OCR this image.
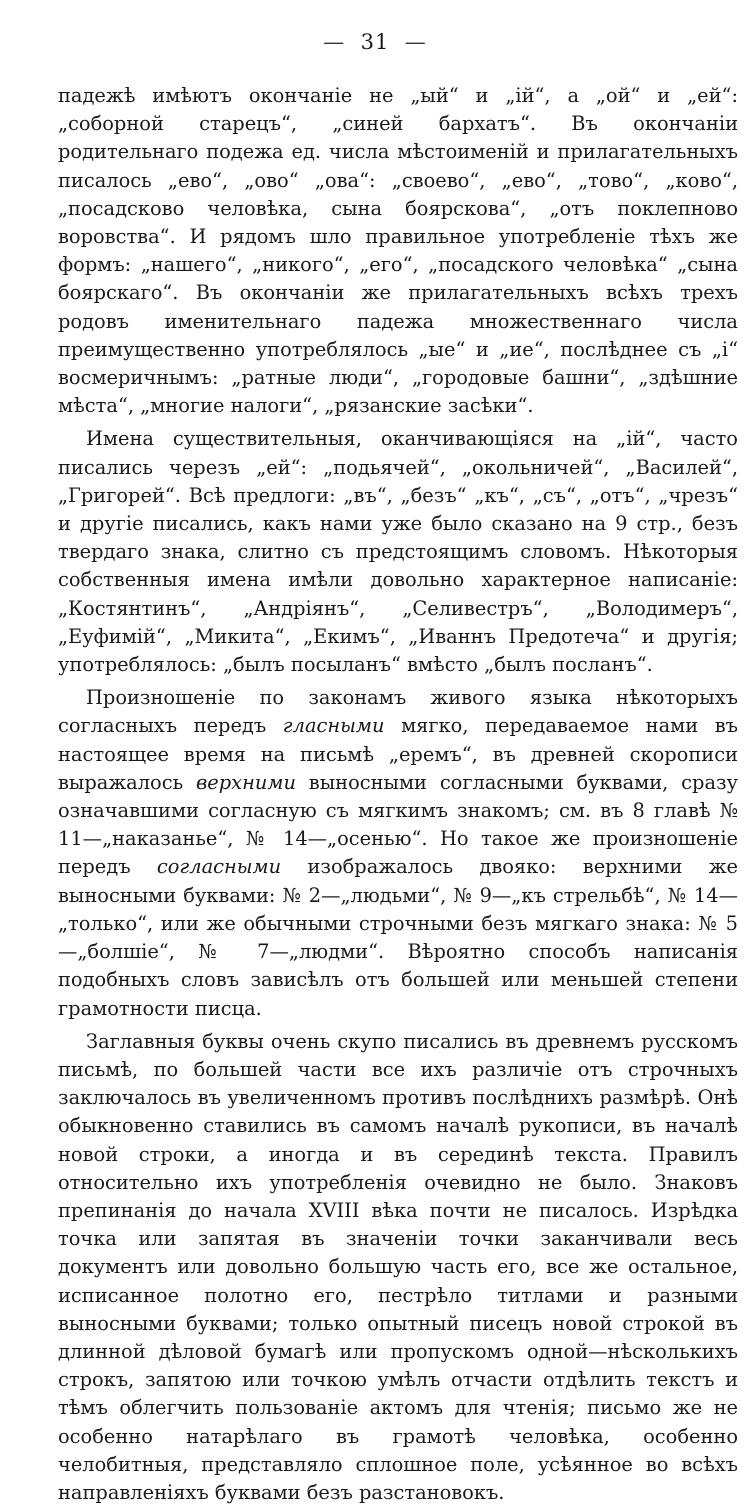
— 31 —

падежѣ имѣютъ окончаніе не „ый“ и „ій“, а „ой“ и „ей“: „соборной старецъ“, „синей бархатъ“. Въ окончаніи родительнаго подежа ед. числа мѣстоименій и прилагательныхъ писалось „ево“, „ово“ „ова“: „своево“, „ево“, „тово“, „ково“, „посадсково человѣка, сына боярскова“, „отъ поклепново воровства“. И рядомъ шло правильное употребленіе тѣхъ же формъ: „нашего“, „никого“, „его“, „посадского человѣка“ „сына боярскаго“. Въ окончаніи же прилагательныхъ всѣхъ трехъ родовъ именительнаго падежа множественнаго числа преимущественно употреблялось „ые“ и „ие“, послѣднее съ „і“ восмеричнымъ: „ратные люди“, „городовые башни“, „здѣшние мѣста“, „многие налоги“, „рязанские засѣки“.

Имена существительныя, оканчивающіяся на „ій“, часто писались черезъ „ей“: „подьячей“, „окольничей“, „Василей“, „Григорей“. Всѣ предлоги: „въ“, „безъ“ „къ“, „съ“, „отъ“, „чрезъ“ и другіе писались, какъ нами уже было сказано на 9 стр., безъ твердаго знака, слитно съ предстоящимъ словомъ. Нѣкоторыя собственныя имена имѣли довольно характерное написаніе: „Костянтинъ“, „Андріянъ“, „Селивестръ“, „Володимеръ“, „Еуфимій“, „Микита“, „Екимъ“, „Иваннъ Предотеча“ и другія; употреблялось: „былъ посыланъ“ вмѣсто „былъ посланъ“.

Произношеніе по законамъ живого языка нѣкоторыхъ согласныхъ передъ гласными мягко, передаваемое нами въ настоящее время на письмѣ „еремъ“, въ древней скорописи выражалось верхними выносными согласными буквами, сразу означавшими согласную съ мягкимъ знакомъ; см. въ 8 главѣ № 11—„наказанье“, № 14—„осенью“. Но такое же произношеніе передъ согласными изображалось двояко: верхними же выносными буквами: № 2—„людьми“, № 9—„къ стрельбѣ“, № 14—„только“, или же обычными строчными безъ мягкаго знака: № 5—„болшіе“, № 7—„людми“. Вѣроятно способъ написанія подобныхъ словъ зависѣлъ отъ большей или меньшей степени грамотности писца.

Заглавныя буквы очень скупо писались въ древнемъ русскомъ письмѣ, по большей части все ихъ различіе отъ строчныхъ заключалось въ увеличенномъ противъ послѣднихъ размѣрѣ. Онѣ обыкновенно ставились въ самомъ началѣ рукописи, въ началѣ новой строки, а иногда и въ серединѣ текста. Правилъ относительно ихъ употребленія очевидно не было. Знаковъ препинанія до начала XVIII вѣка почти не писалось. Изрѣдка точка или запятая въ значеніи точки заканчивали весь документъ или довольно большую часть его, все же остальное, исписанное полотно его, пестрѣло титлами и разными выносными буквами; только опытный писецъ новой строкой въ длинной дѣловой бумагѣ или пропускомъ одной—нѣсколькихъ строкъ, запятою или точкою умѣлъ отчасти отдѣлить текстъ и тѣмъ облегчить пользованіе актомъ для чтенія; письмо же не особенно натарѣлаго въ грамотѣ человѣка, особенно челобитныя, представляло сплошное поле, усѣянное во всѣхъ направленіяхъ буквами безъ разстановокъ.
